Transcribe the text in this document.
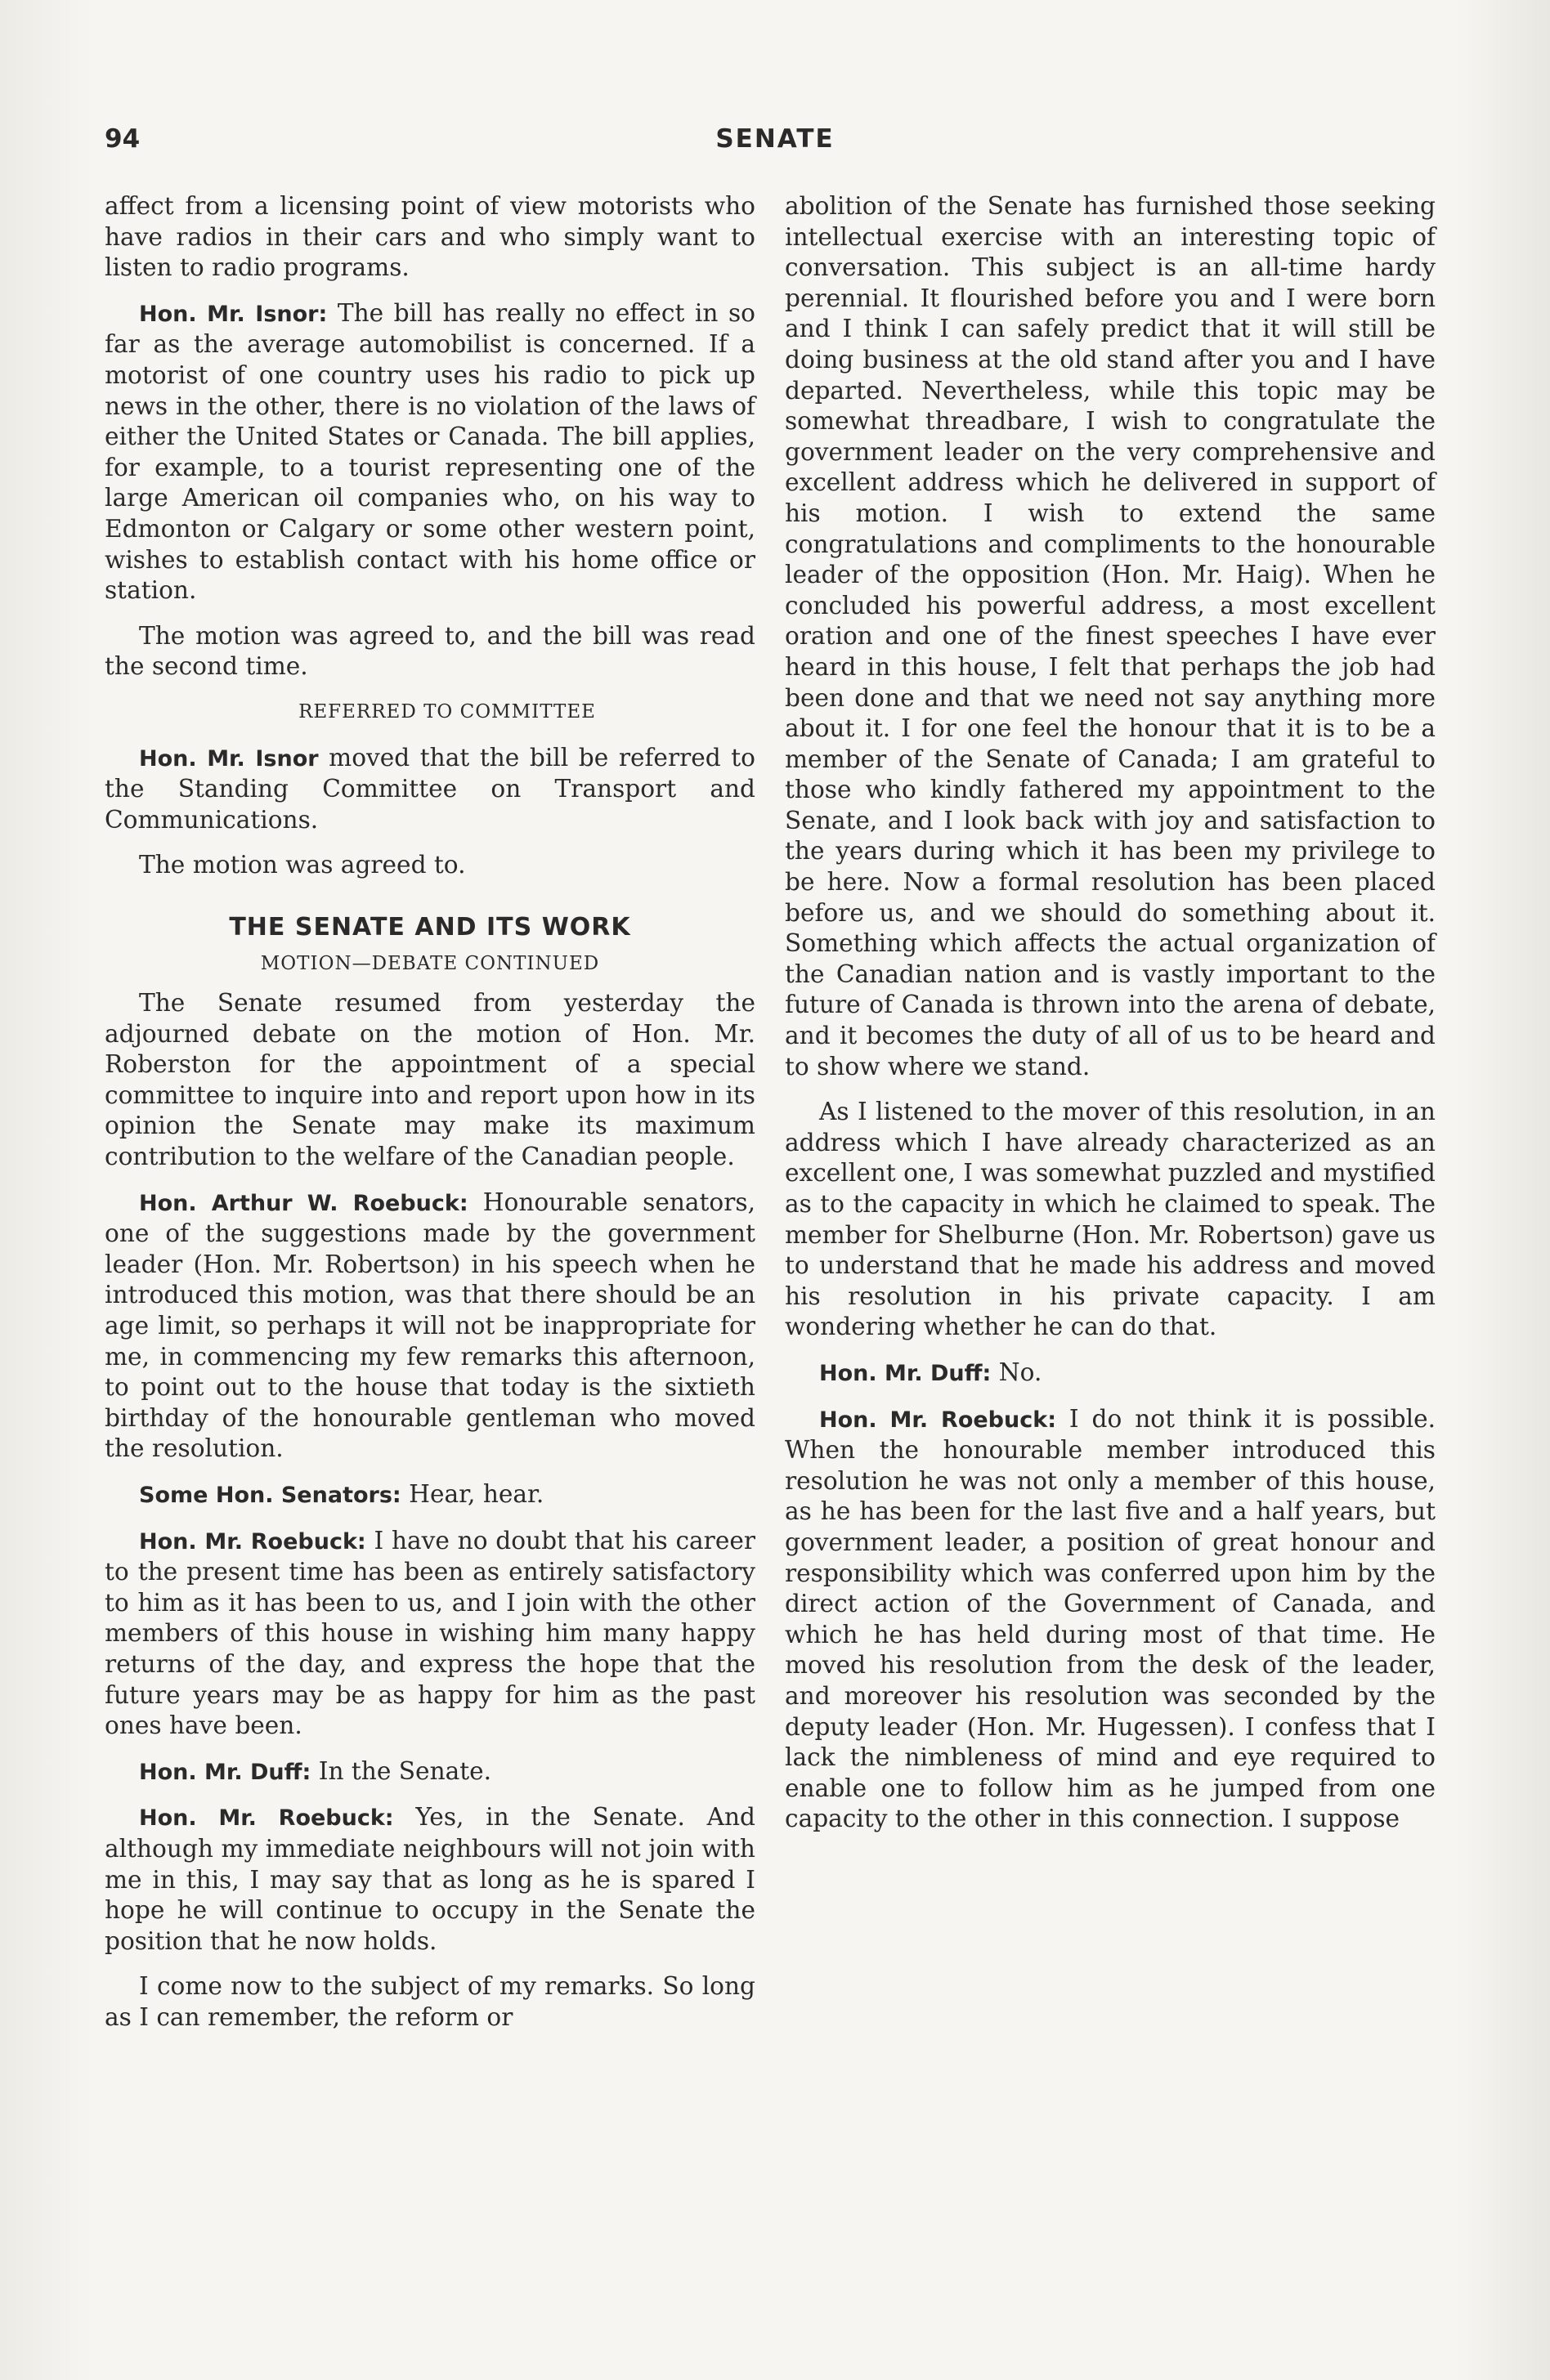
94	SENATE

affect from a licensing point of view motorists who have radios in their cars and who simply want to listen to radio programs.

Hon. Mr. Isnor: The bill has really no effect in so far as the average automobilist is concerned. If a motorist of one country uses his radio to pick up news in the other, there is no violation of the laws of either the United States or Canada. The bill applies, for example, to a tourist representing one of the large American oil companies who, on his way to Edmonton or Calgary or some other western point, wishes to establish contact with his home office or station.

The motion was agreed to, and the bill was read the second time.

REFERRED TO COMMITTEE

Hon. Mr. Isnor moved that the bill be referred to the Standing Committee on Transport and Communications.

The motion was agreed to.

THE SENATE AND ITS WORK
MOTION—DEBATE CONTINUED

The Senate resumed from yesterday the adjourned debate on the motion of Hon. Mr. Roberston for the appointment of a special committee to inquire into and report upon how in its opinion the Senate may make its maximum contribution to the welfare of the Canadian people.

Hon. Arthur W. Roebuck: Honourable senators, one of the suggestions made by the government leader (Hon. Mr. Robertson) in his speech when he introduced this motion, was that there should be an age limit, so perhaps it will not be inappropriate for me, in commencing my few remarks this afternoon, to point out to the house that today is the sixtieth birthday of the honourable gentleman who moved the resolution.

Some Hon. Senators: Hear, hear.

Hon. Mr. Roebuck: I have no doubt that his career to the present time has been as entirely satisfactory to him as it has been to us, and I join with the other members of this house in wishing him many happy returns of the day, and express the hope that the future years may be as happy for him as the past ones have been.

Hon. Mr. Duff: In the Senate.

Hon. Mr. Roebuck: Yes, in the Senate. And although my immediate neighbours will not join with me in this, I may say that as long as he is spared I hope he will continue to occupy in the Senate the position that he now holds.

I come now to the subject of my remarks. So long as I can remember, the reform or

abolition of the Senate has furnished those seeking intellectual exercise with an interesting topic of conversation. This subject is an all-time hardy perennial. It flourished before you and I were born and I think I can safely predict that it will still be doing business at the old stand after you and I have departed. Nevertheless, while this topic may be somewhat threadbare, I wish to congratulate the government leader on the very comprehensive and excellent address which he delivered in support of his motion. I wish to extend the same congratulations and compliments to the honourable leader of the opposition (Hon. Mr. Haig). When he concluded his powerful address, a most excellent oration and one of the finest speeches I have ever heard in this house, I felt that perhaps the job had been done and that we need not say anything more about it. I for one feel the honour that it is to be a member of the Senate of Canada; I am grateful to those who kindly fathered my appointment to the Senate, and I look back with joy and satisfaction to the years during which it has been my privilege to be here. Now a formal resolution has been placed before us, and we should do something about it. Something which affects the actual organization of the Canadian nation and is vastly important to the future of Canada is thrown into the arena of debate, and it becomes the duty of all of us to be heard and to show where we stand.

As I listened to the mover of this resolution, in an address which I have already characterized as an excellent one, I was somewhat puzzled and mystified as to the capacity in which he claimed to speak. The member for Shelburne (Hon. Mr. Robertson) gave us to understand that he made his address and moved his resolution in his private capacity. I am wondering whether he can do that.

Hon. Mr. Duff: No.

Hon. Mr. Roebuck: I do not think it is possible. When the honourable member introduced this resolution he was not only a member of this house, as he has been for the last five and a half years, but government leader, a position of great honour and responsibility which was conferred upon him by the direct action of the Government of Canada, and which he has held during most of that time. He moved his resolution from the desk of the leader, and moreover his resolution was seconded by the deputy leader (Hon. Mr. Hugessen). I confess that I lack the nimbleness of mind and eye required to enable one to follow him as he jumped from one capacity to the other in this connection. I suppose
